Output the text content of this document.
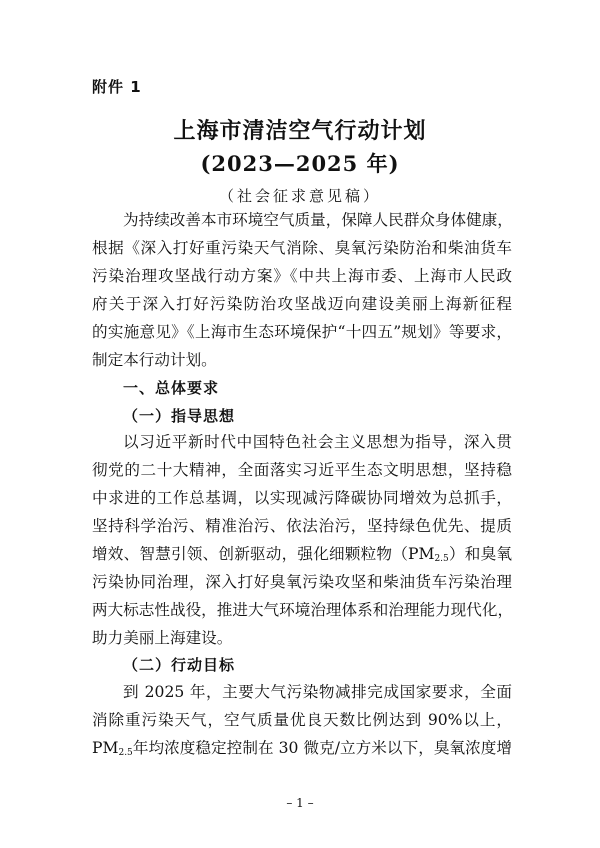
附件 1
上海市清洁空气行动计划
(2023—2025 年)
（社会征求意见稿）
为持续改善本市环境空气质量，保障人民群众身体健康，
根据《深入打好重污染天气消除、臭氧污染防治和柴油货车
污染治理攻坚战行动方案》《中共上海市委、上海市人民政
府关于深入打好污染防治攻坚战迈向建设美丽上海新征程
的实施意见》《上海市生态环境保护“十四五”规划》等要求，
制定本行动计划。
一、总体要求
（一）指导思想
以习近平新时代中国特色社会主义思想为指导，深入贯
彻党的二十大精神，全面落实习近平生态文明思想，坚持稳
中求进的工作总基调，以实现减污降碳协同增效为总抓手，
坚持科学治污、精准治污、依法治污，坚持绿色优先、提质
增效、智慧引领、创新驱动，强化细颗粒物$(PM_{2.5})$和臭氧
污染协同治理，深入打好臭氧污染攻坚和柴油货车污染治理
两大标志性战役，推进大气环境治理体系和治理能力现代化，
助力美丽上海建设。
（二）行动目标
到 2025 年，主要大气污染物减排完成国家要求，全面
消除重污染天气，空气质量优良天数比例达到 90%以上，
$PM_{2.5}$年均浓度稳定控制在 30 微克/立方米以下，臭氧浓度增
– 1 –
